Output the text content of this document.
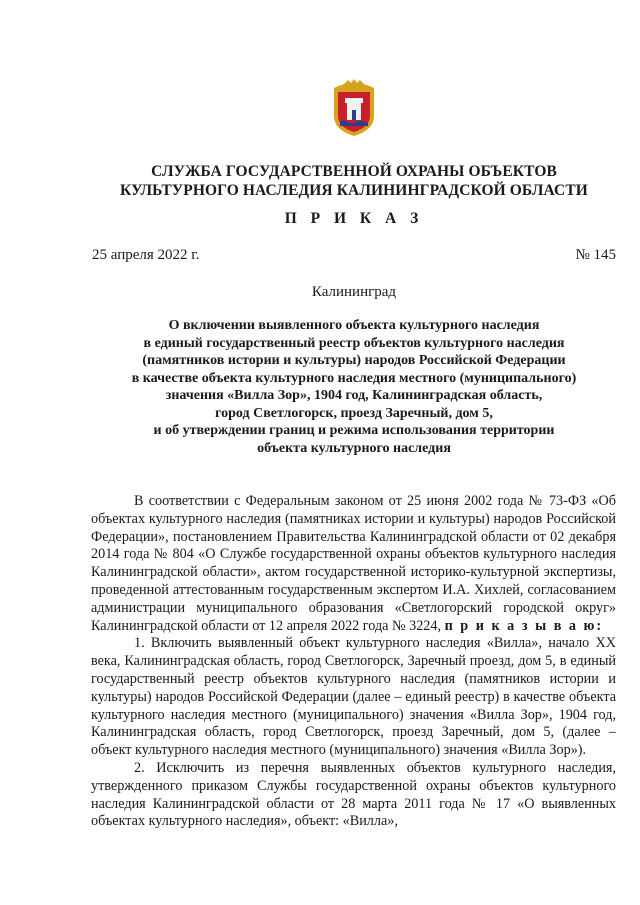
СЛУЖБА ГОСУДАРСТВЕННОЙ ОХРАНЫ ОБЪЕКТОВ
КУЛЬТУРНОГО НАСЛЕДИЯ КАЛИНИНГРАДСКОЙ ОБЛАСТИ
П Р И К А З
25 апреля 2022 г.	№ 145
Калининград
О включении выявленного объекта культурного наследия
в единый государственный реестр объектов культурного наследия
(памятников истории и культуры) народов Российской Федерации
в качестве объекта культурного наследия местного (муниципального)
значения «Вилла Зор», 1904 год, Калининградская область,
город Светлогорск, проезд Заречный, дом 5,
и об утверждении границ и режима использования территории
объекта культурного наследия

В соответствии с Федеральным законом от 25 июня 2002 года № 73-ФЗ «Об объектах культурного наследия (памятниках истории и культуры) народов Российской Федерации», постановлением Правительства Калининградской области от 02 декабря 2014 года № 804 «О Службе государственной охраны объектов культурного наследия Калининградской области», актом государственной историко-культурной экспертизы, проведенной аттестованным государственным экспертом И.А. Хихлей, согласованием администрации муниципального образования «Светлогорский городской округ» Калининградской области от 12 апреля 2022 года № 3224, п р и к а з ы в а ю:

1. Включить выявленный объект культурного наследия «Вилла», начало XX века, Калининградская область, город Светлогорск, Заречный проезд, дом 5, в единый государственный реестр объектов культурного наследия (памятников истории и культуры) народов Российской Федерации (далее – единый реестр) в качестве объекта культурного наследия местного (муниципального) значения «Вилла Зор», 1904 год, Калининградская область, город Светлогорск, проезд Заречный, дом 5, (далее – объект культурного наследия местного (муниципального) значения «Вилла Зор»).

2. Исключить из перечня выявленных объектов культурного наследия, утвержденного приказом Службы государственной охраны объектов культурного наследия Калининградской области от 28 марта 2011 года № 17 «О выявленных объектах культурного наследия», объект: «Вилла»,
